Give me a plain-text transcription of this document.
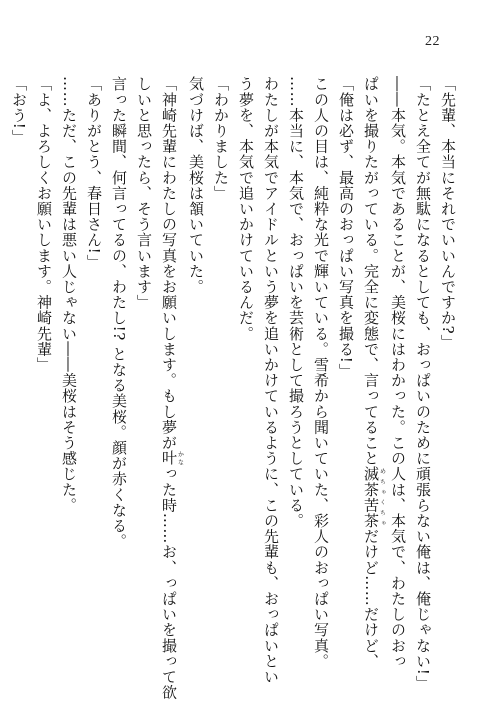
22
「先輩、本当にそれでいいんですか?」
「たとえ全てが無駄になるとしても、おっぱいのために頑張らない俺は、俺じゃない!」
――本気。本気であることが、美桜にはわかった。この人は、本気で、わたしのおっ
ぱいを撮りたがっている。完全に変態で、言ってること滅茶苦茶めちゃくちゃだけど……だけど、
「俺は必ず、最高のおっぱい写真を撮る!」
この人の目は、純粋な光で輝いている。雪希から聞いていた、彩人のおっぱい写真。
……本当に、本気で、おっぱいを芸術として撮ろうとしている。
わたしが本気でアイドルという夢を追いかけているように、この先輩も、おっぱいとい
う夢を、本気で追いかけているんだ。
「わかりました」
気づけば、美桜は頷いていた。
「神崎先輩にわたしの写真をお願いします。もし夢が叶かなった時……お、っぱいを撮って欲
しいと思ったら、そう言います」
言った瞬間、何言ってるの、わたし!? となる美桜。顔が赤くなる。
「ありがとう、春日さん!」
……ただ、この先輩は悪い人じゃない――美桜はそう感じた。
「よ、よろしくお願いします。神崎先輩」
「おう!」
